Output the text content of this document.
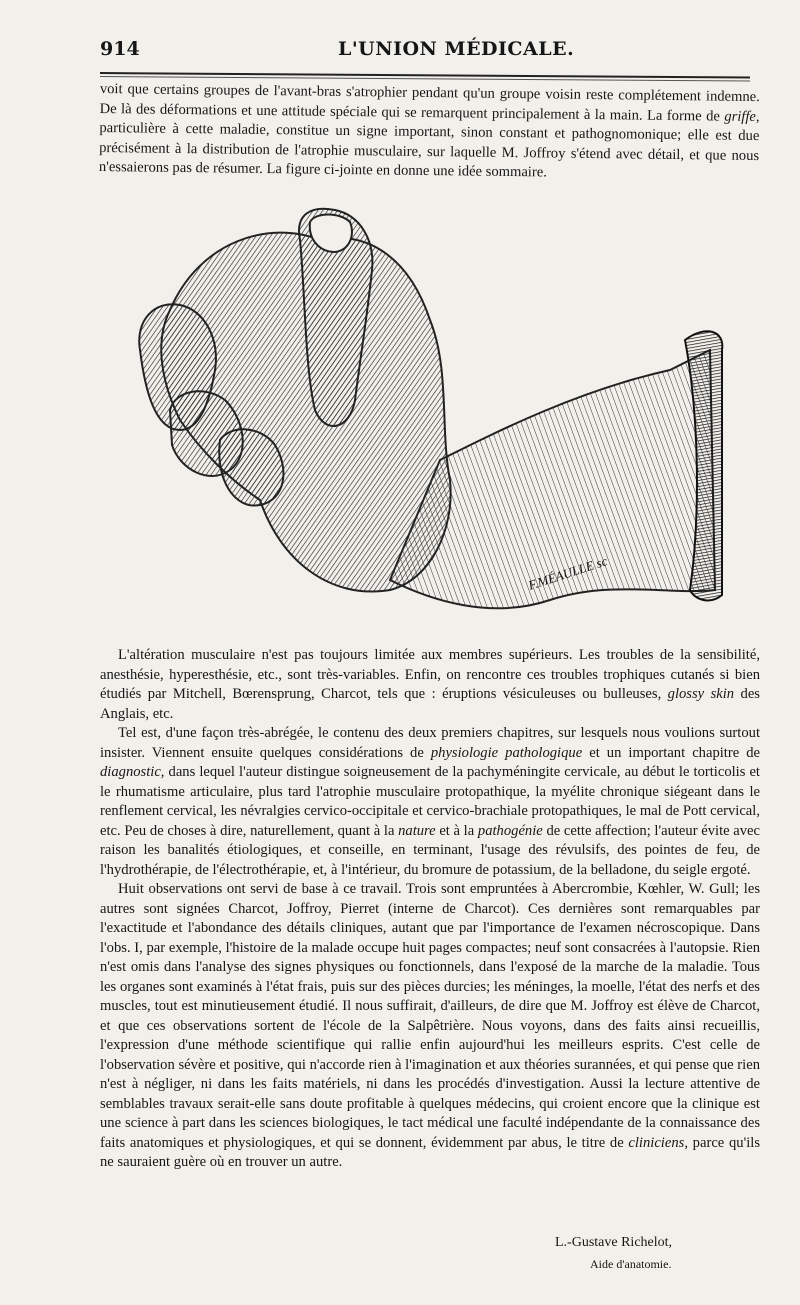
914	L'UNION MÉDICALE.

voit que certains groupes de l'avant-bras s'atrophier pendant qu'un groupe voisin reste complétement indemne. De là des déformations et une attitude spéciale qui se remarquent principalement à la main. La forme de griffe, particulière à cette maladie, constitue un signe important, sinon constant et pathognomonique; elle est due précisément à la distribution de l'atrophie musculaire, sur laquelle M. Joffroy s'étend avec détail, et que nous n'essaierons pas de résumer. La figure ci-jointe en donne une idée sommaire.

F.MÉAULLE sc

L'altération musculaire n'est pas toujours limitée aux membres supérieurs. Les troubles de la sensibilité, anesthésie, hyperesthésie, etc., sont très-variables. Enfin, on rencontre ces troubles trophiques cutanés si bien étudiés par Mitchell, Bœrensprung, Charcot, tels que : éruptions vésiculeuses ou bulleuses, glossy skin des Anglais, etc.

Tel est, d'une façon très-abrégée, le contenu des deux premiers chapitres, sur lesquels nous voulions surtout insister. Viennent ensuite quelques considérations de physiologie pathologique et un important chapitre de diagnostic, dans lequel l'auteur distingue soigneusement de la pachyméningite cervicale, au début le torticolis et le rhumatisme articulaire, plus tard l'atrophie musculaire protopathique, la myélite chronique siégeant dans le renflement cervical, les névralgies cervico-occipitale et cervico-brachiale protopathiques, le mal de Pott cervical, etc. Peu de choses à dire, naturellement, quant à la nature et à la pathogénie de cette affection; l'auteur évite avec raison les banalités étiologiques, et conseille, en terminant, l'usage des révulsifs, des pointes de feu, de l'hydrothérapie, de l'électrothérapie, et, à l'intérieur, du bromure de potassium, de la belladone, du seigle ergoté.

Huit observations ont servi de base à ce travail. Trois sont empruntées à Abercrombie, Kœhler, W. Gull; les autres sont signées Charcot, Joffroy, Pierret (interne de Charcot). Ces dernières sont remarquables par l'exactitude et l'abondance des détails cliniques, autant que par l'importance de l'examen nécroscopique. Dans l'obs. I, par exemple, l'histoire de la malade occupe huit pages compactes; neuf sont consacrées à l'autopsie. Rien n'est omis dans l'analyse des signes physiques ou fonctionnels, dans l'exposé de la marche de la maladie. Tous les organes sont examinés à l'état frais, puis sur des pièces durcies; les méninges, la moelle, l'état des nerfs et des muscles, tout est minutieusement étudié. Il nous suffirait, d'ailleurs, de dire que M. Joffroy est élève de Charcot, et que ces observations sortent de l'école de la Salpêtrière. Nous voyons, dans des faits ainsi recueillis, l'expression d'une méthode scientifique qui rallie enfin aujourd'hui les meilleurs esprits. C'est celle de l'observation sévère et positive, qui n'accorde rien à l'imagination et aux théories surannées, et qui pense que rien n'est à négliger, ni dans les faits matériels, ni dans les procédés d'investigation. Aussi la lecture attentive de semblables travaux serait-elle sans doute profitable à quelques médecins, qui croient encore que la clinique est une science à part dans les sciences biologiques, le tact médical une faculté indépendante de la connaissance des faits anatomiques et physiologiques, et qui se donnent, évidemment par abus, le titre de cliniciens, parce qu'ils ne sauraient guère où en trouver un autre.

L.-Gustave Richelot,
Aide d'anatomie.
